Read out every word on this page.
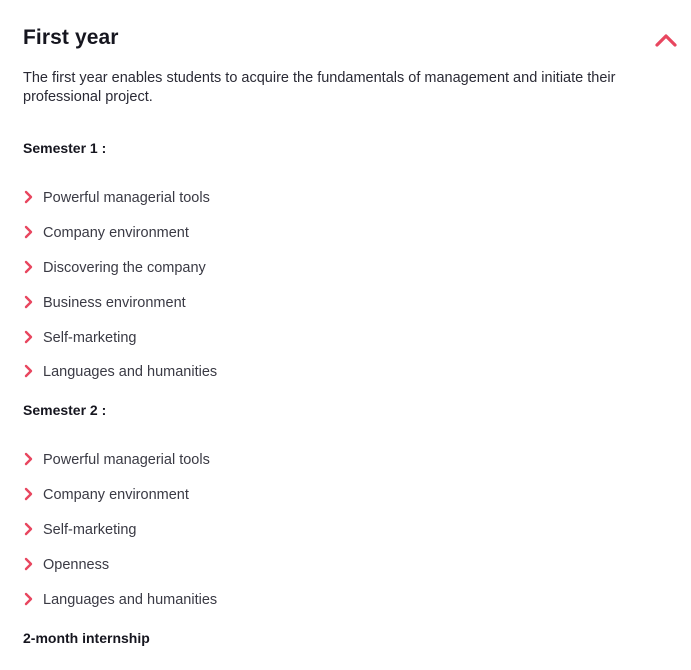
First year

The first year enables students to acquire the fundamentals of management and initiate their professional project.

Semester 1 :
Powerful managerial tools
Company environment
Discovering the company
Business environment
Self-marketing
Languages and humanities
Semester 2 :
Powerful managerial tools
Company environment
Self-marketing
Openness
Languages and humanities
2-month internship
